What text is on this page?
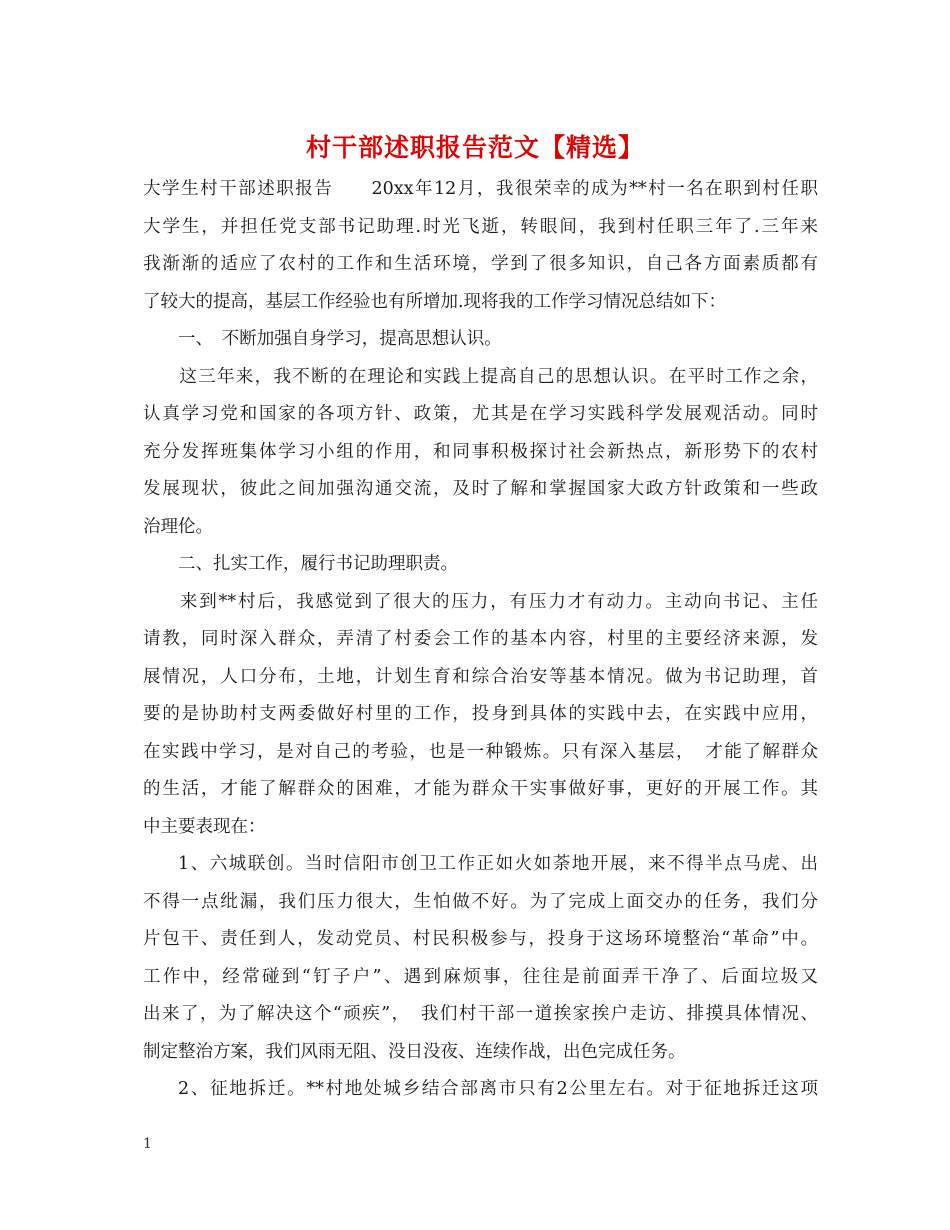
村干部述职报告范文【精选】
大学生村干部述职报告　　20xx年12月，我很荣幸的成为**村一名在职到村任职
大学生，并担任党支部书记助理.时光飞逝，转眼间，我到村任职三年了.三年来
我渐渐的适应了农村的工作和生活环境，学到了很多知识，自己各方面素质都有
了较大的提高，基层工作经验也有所增加.现将我的工作学习情况总结如下：
一、　不断加强自身学习，提高思想认识。
这三年来，我不断的在理论和实践上提高自己的思想认识。在平时工作之余，
认真学习党和国家的各项方针、政策，尤其是在学习实践科学发展观活动。同时
充分发挥班集体学习小组的作用，和同事积极探讨社会新热点，新形势下的农村
发展现状，彼此之间加强沟通交流，及时了解和掌握国家大政方针政策和一些政
治理伦。
二、扎实工作，履行书记助理职责。
来到**村后，我感觉到了很大的压力，有压力才有动力。主动向书记、主任
请教，同时深入群众，弄清了村委会工作的基本内容，村里的主要经济来源，发
展情况，人口分布，土地，计划生育和综合治安等基本情况。做为书记助理，首
要的是协助村支两委做好村里的工作，投身到具体的实践中去，在实践中应用，
在实践中学习，是对自己的考验，也是一种锻炼。只有深入基层，　才能了解群众
的生活，才能了解群众的困难，才能为群众干实事做好事，更好的开展工作。其
中主要表现在：
1、六城联创。当时信阳市创卫工作正如火如荼地开展，来不得半点马虎、出
不得一点纰漏，我们压力很大，生怕做不好。为了完成上面交办的任务，我们分
片包干、责任到人，发动党员、村民积极参与，投身于这场环境整治“革命”中。
工作中，经常碰到“钉子户”、遇到麻烦事，往往是前面弄干净了、后面垃圾又
出来了，为了解决这个“顽疾”，　我们村干部一道挨家挨户走访、排摸具体情况、
制定整治方案，我们风雨无阻、没日没夜、连续作战，出色完成任务。
2、征地拆迁。**村地处城乡结合部离市只有2公里左右。对于征地拆迁这项
1
